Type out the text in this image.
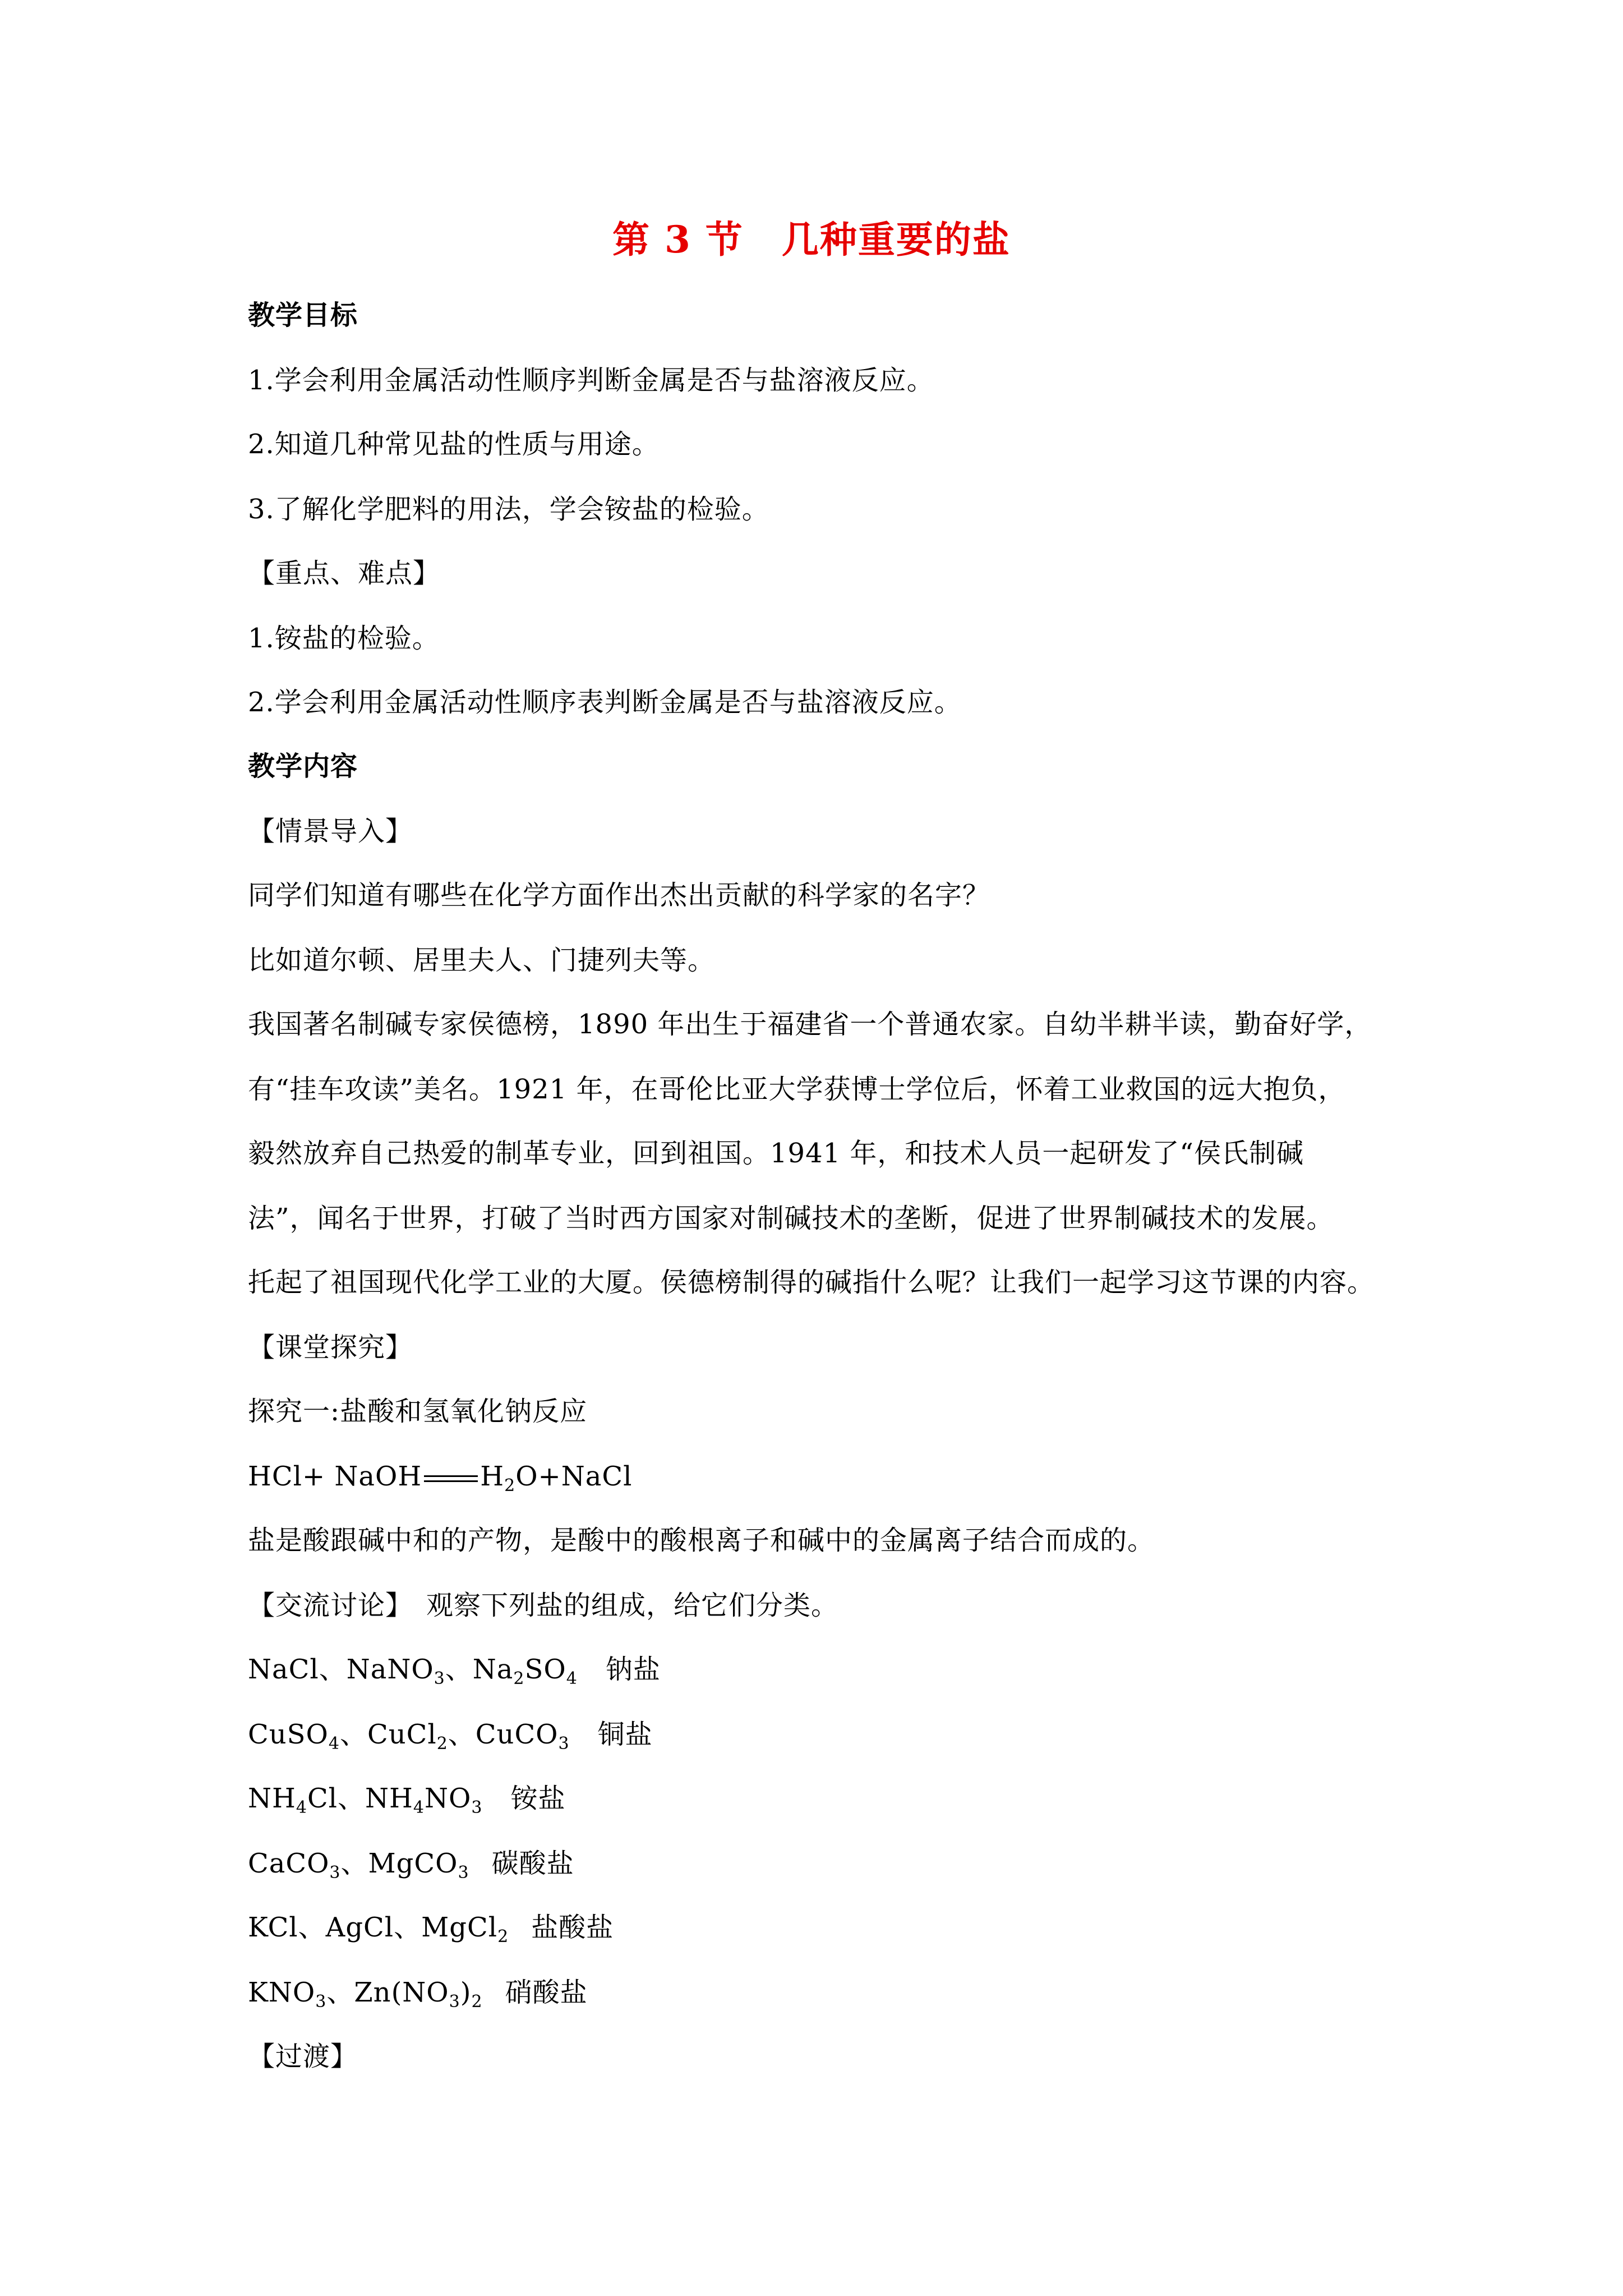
第 3 节　几种重要的盐
教学目标
1.学会利用金属活动性顺序判断金属是否与盐溶液反应。
2.知道几种常见盐的性质与用途。
3.了解化学肥料的用法，学会铵盐的检验。
【重点、难点】
1.铵盐的检验。
2.学会利用金属活动性顺序表判断金属是否与盐溶液反应。
教学内容
【情景导入】
同学们知道有哪些在化学方面作出杰出贡献的科学家的名字？
比如道尔顿、居里夫人、门捷列夫等。
我国著名制碱专家侯德榜，1890 年出生于福建省一个普通农家。自幼半耕半读，勤奋好学，
有“挂车攻读”美名。1921 年，在哥伦比亚大学获博士学位后，怀着工业救国的远大抱负，
毅然放弃自己热爱的制革专业，回到祖国。1941 年，和技术人员一起研发了“侯氏制碱
法”，闻名于世界，打破了当时西方国家对制碱技术的垄断，促进了世界制碱技术的发展。
托起了祖国现代化学工业的大厦。侯德榜制得的碱指什么呢？让我们一起学习这节课的内容。
【课堂探究】
探究一:盐酸和氢氧化钠反应
HCl+ NaOH $H_2O+NaCl$
盐是酸跟碱中和的产物，是酸中的酸根离子和碱中的金属离子结合而成的。
【交流讨论】 观察下列盐的组成，给它们分类。
NaCl、NaNO$_3$、$Na_2SO_4$ 钠盐
CuSO$_4$、CuCl$_2$、CuCO$_3$ 铜盐
$NH_4Cl$、$NH_4NO_3$ 铵盐
CaCO$_3$、MgCO$_3$ 碳酸盐
KCl、AgCl、MgCl$_2$ 盐酸盐
$KNO_3$、$Zn(NO_3)_2$ 硝酸盐
【过渡】
